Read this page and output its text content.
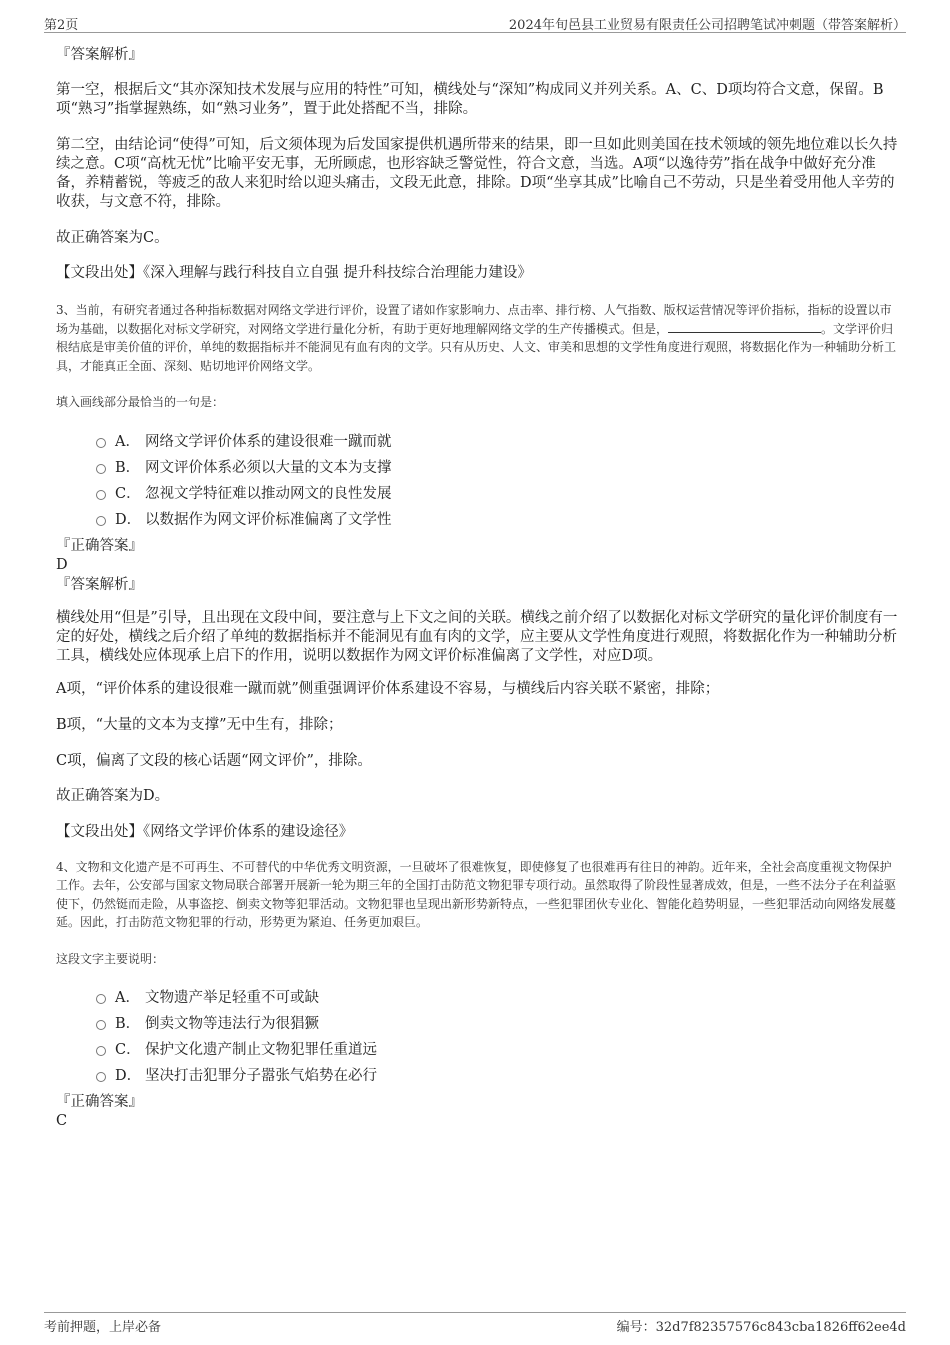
第2页	2024年旬邑县工业贸易有限责任公司招聘笔试冲刺题（带答案解析）

『答案解析』

第一空，根据后文“其亦深知技术发展与应用的特性”可知，横线处与“深知”构成同义并列关系。A、C、D项均符合文意，保留。B项“熟习”指掌握熟练，如“熟习业务”，置于此处搭配不当，排除。

第二空，由结论词“使得”可知，后文须体现为后发国家提供机遇所带来的结果，即一旦如此则美国在技术领域的领先地位难以长久持续之意。C项“高枕无忧”比喻平安无事，无所顾虑，也形容缺乏警觉性，符合文意，当选。A项“以逸待劳”指在战争中做好充分准备，养精蓄锐，等疲乏的敌人来犯时给以迎头痛击，文段无此意，排除。D项“坐享其成”比喻自己不劳动，只是坐着受用他人辛劳的收获，与文意不符，排除。

故正确答案为C。

【文段出处】《深入理解与践行科技自立自强 提升科技综合治理能力建设》

3、当前，有研究者通过各种指标数据对网络文学进行评价，设置了诸如作家影响力、点击率、排行榜、人气指数、版权运营情况等评价指标，指标的设置以市场为基础，以数据化对标文学研究，对网络文学进行量化分析，有助于更好地理解网络文学的生产传播模式。但是，	。文学评价归根结底是审美价值的评价，单纯的数据指标并不能洞见有血有肉的文学。只有从历史、人文、审美和思想的文学性角度进行观照，将数据化作为一种辅助分析工具，才能真正全面、深刻、贴切地评价网络文学。

填入画线部分最恰当的一句是：

A． 网络文学评价体系的建设很难一蹴而就
B． 网文评价体系必须以大量的文本为支撑
C． 忽视文学特征难以推动网文的良性发展
D． 以数据作为网文评价标准偏离了文学性

『正确答案』

D

『答案解析』

横线处用“但是”引导，且出现在文段中间，要注意与上下文之间的关联。横线之前介绍了以数据化对标文学研究的量化评价制度有一定的好处，横线之后介绍了单纯的数据指标并不能洞见有血有肉的文学，应主要从文学性角度进行观照，将数据化作为一种辅助分析工具，横线处应体现承上启下的作用，说明以数据作为网文评价标准偏离了文学性，对应D项。

A项，“评价体系的建设很难一蹴而就”侧重强调评价体系建设不容易，与横线后内容关联不紧密，排除；

B项，“大量的文本为支撑”无中生有，排除；

C项，偏离了文段的核心话题“网文评价”，排除。

故正确答案为D。

【文段出处】《网络文学评价体系的建设途径》

4、文物和文化遗产是不可再生、不可替代的中华优秀文明资源，一旦破坏了很难恢复，即使修复了也很难再有往日的神韵。近年来，全社会高度重视文物保护工作。去年，公安部与国家文物局联合部署开展新一轮为期三年的全国打击防范文物犯罪专项行动。虽然取得了阶段性显著成效，但是，一些不法分子在利益驱使下，仍然铤而走险，从事盗挖、倒卖文物等犯罪活动。文物犯罪也呈现出新形势新特点，一些犯罪团伙专业化、智能化趋势明显，一些犯罪活动向网络发展蔓延。因此，打击防范文物犯罪的行动，形势更为紧迫、任务更加艰巨。

这段文字主要说明：

A． 文物遗产举足轻重不可或缺
B． 倒卖文物等违法行为很猖獗
C． 保护文化遗产制止文物犯罪任重道远
D． 坚决打击犯罪分子嚣张气焰势在必行

『正确答案』

C

考前押题，上岸必备	编号：32d7f82357576c843cba1826ff62ee4d
